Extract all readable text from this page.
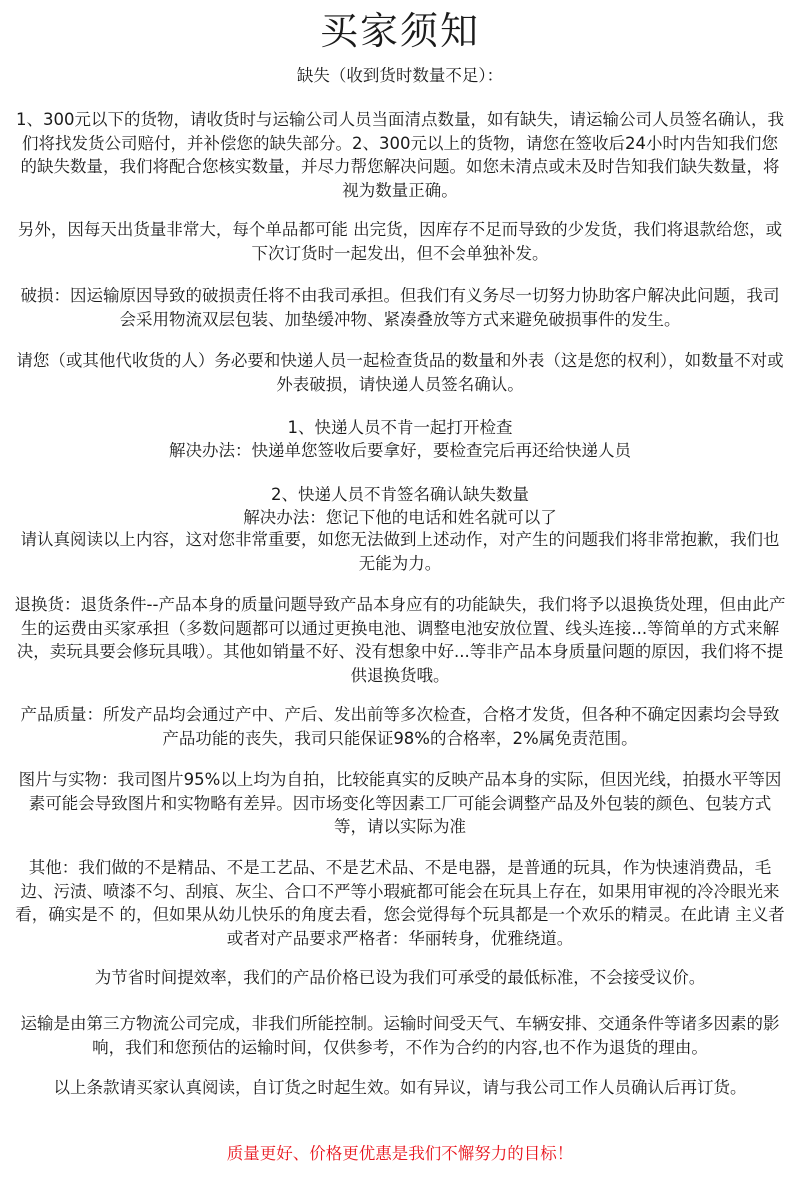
买家须知

缺失（收到货时数量不足）：

1、300元以下的货物，请收货时与运输公司人员当面清点数量，如有缺失，请运输公司人员签名确认，我们将找发货公司赔付，并补偿您的缺失部分。2、300元以上的货物，请您在签收后24小时内告知我们您的缺失数量，我们将配合您核实数量，并尽力帮您解决问题。如您未清点或未及时告知我们缺失数量，将视为数量正确。

另外，因每天出货量非常大，每个单品都可能 出完货，因库存不足而导致的少发货，我们将退款给您，或下次订货时一起发出，但不会单独补发。

破损：因运输原因导致的破损责任将不由我司承担。但我们有义务尽一切努力协助客户解决此问题，我司会采用物流双层包装、加垫缓冲物、紧凑叠放等方式来避免破损事件的发生。

请您（或其他代收货的人）务必要和快递人员一起检查货品的数量和外表（这是您的权利），如数量不对或外表破损，请快递人员签名确认。

1、快递人员不肯一起打开检查

解决办法：快递单您签收后要拿好，要检查完后再还给快递人员

2、快递人员不肯签名确认缺失数量

解决办法：您记下他的电话和姓名就可以了

请认真阅读以上内容，这对您非常重要，如您无法做到上述动作，对产生的问题我们将非常抱歉，我们也无能为力。

退换货：退货条件--产品本身的质量问题导致产品本身应有的功能缺失，我们将予以退换货处理，但由此产生的运费由买家承担（多数问题都可以通过更换电池、调整电池安放位置、线头连接...等简单的方式来解决，卖玩具要会修玩具哦）。其他如销量不好、没有想象中好...等非产品本身质量问题的原因，我们将不提供退换货哦。

产品质量：所发产品均会通过产中、产后、发出前等多次检查，合格才发货，但各种不确定因素均会导致产品功能的丧失，我司只能保证98%的合格率，2%属免责范围。

图片与实物：我司图片95%以上均为自拍，比较能真实的反映产品本身的实际，但因光线，拍摄水平等因素可能会导致图片和实物略有差异。因市场变化等因素工厂可能会调整产品及外包装的颜色、包装方式等，请以实际为准

其他：我们做的不是精品、不是工艺品、不是艺术品、不是电器，是普通的玩具，作为快速消费品，毛边、污渍、喷漆不匀、刮痕、灰尘、合口不严等小瑕疵都可能会在玩具上存在，如果用审视的冷冷眼光来看，确实是不 的，但如果从幼儿快乐的角度去看，您会觉得每个玩具都是一个欢乐的精灵。在此请 主义者或者对产品要求严格者：华丽转身，优雅绕道。

为节省时间提效率，我们的产品价格已设为我们可承受的最低标准，不会接受议价。

运输是由第三方物流公司完成，非我们所能控制。运输时间受天气、车辆安排、交通条件等诸多因素的影响，我们和您预估的运输时间，仅供参考，不作为合约的内容,也不作为退货的理由。

以上条款请买家认真阅读，自订货之时起生效。如有异议，请与我公司工作人员确认后再订货。

质量更好、价格更优惠是我们不懈努力的目标！
